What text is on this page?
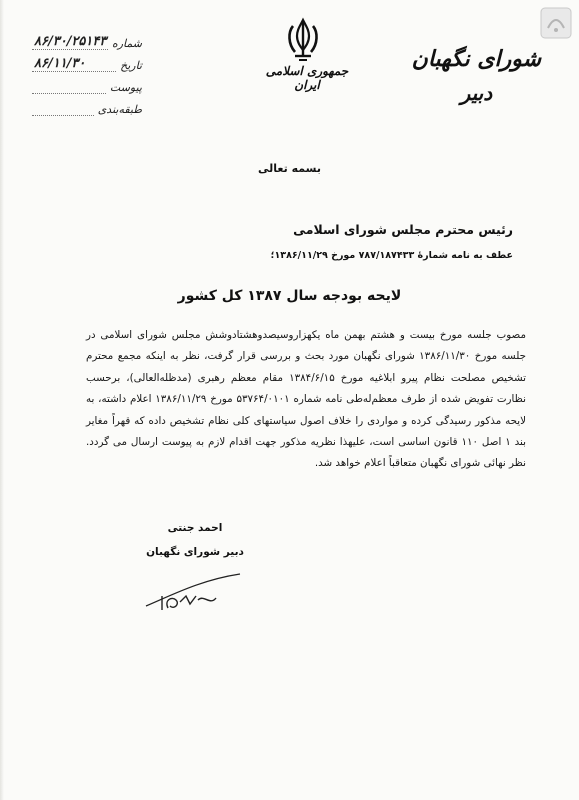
شماره
۸۶/۳۰/۲۵۱۴۳
تاریخ
۸۶/۱۱/۳۰
پیوست
طبقه‌بندی
جمهوری اسلامی ایران
شورای نگهبان
دبیر
بسمه تعالی
رئیس محترم مجلس شورای اسلامی
عطف به نامه شمارهٔ ۷۸۷/۱۸۷۴۳۳ مورخ ۱۳۸۶/۱۱/۲۹؛
لایحه بودجه سال ۱۳۸۷ کل کشور
مصوب جلسه مورخ بیست و هشتم بهمن ماه یکهزاروسیصدوهشتادوشش مجلس شورای اسلامی در جلسه مورخ ۱۳۸۶/۱۱/۳۰ شورای نگهبان مورد بحث و بررسی قرار گرفت، نظر به اینکه مجمع محترم تشخیص مصلحت نظام پیرو ابلاغیه مورخ ۱۳۸۴/۶/۱۵ مقام معظم رهبری (مدظله‌العالی)، برحسب نظارت تفویض شده از طرف معظم‌له‌طی نامه شماره ۵۳۷۶۴/۰۱۰۱ مورخ ۱۳۸۶/۱۱/۲۹ اعلام داشته، به لایحه مذکور رسیدگی کرده و مواردی را خلاف اصول سیاستهای کلی نظام تشخیص داده که قهراً مغایر بند ۱ اصل ۱۱۰ قانون اساسی است، علیهذا نظریه مذکور جهت اقدام لازم به پیوست ارسال می گردد. نظر نهائی شورای نگهبان متعاقباً اعلام خواهد شد.
احمد جنتی
دبیر شورای نگهبان
